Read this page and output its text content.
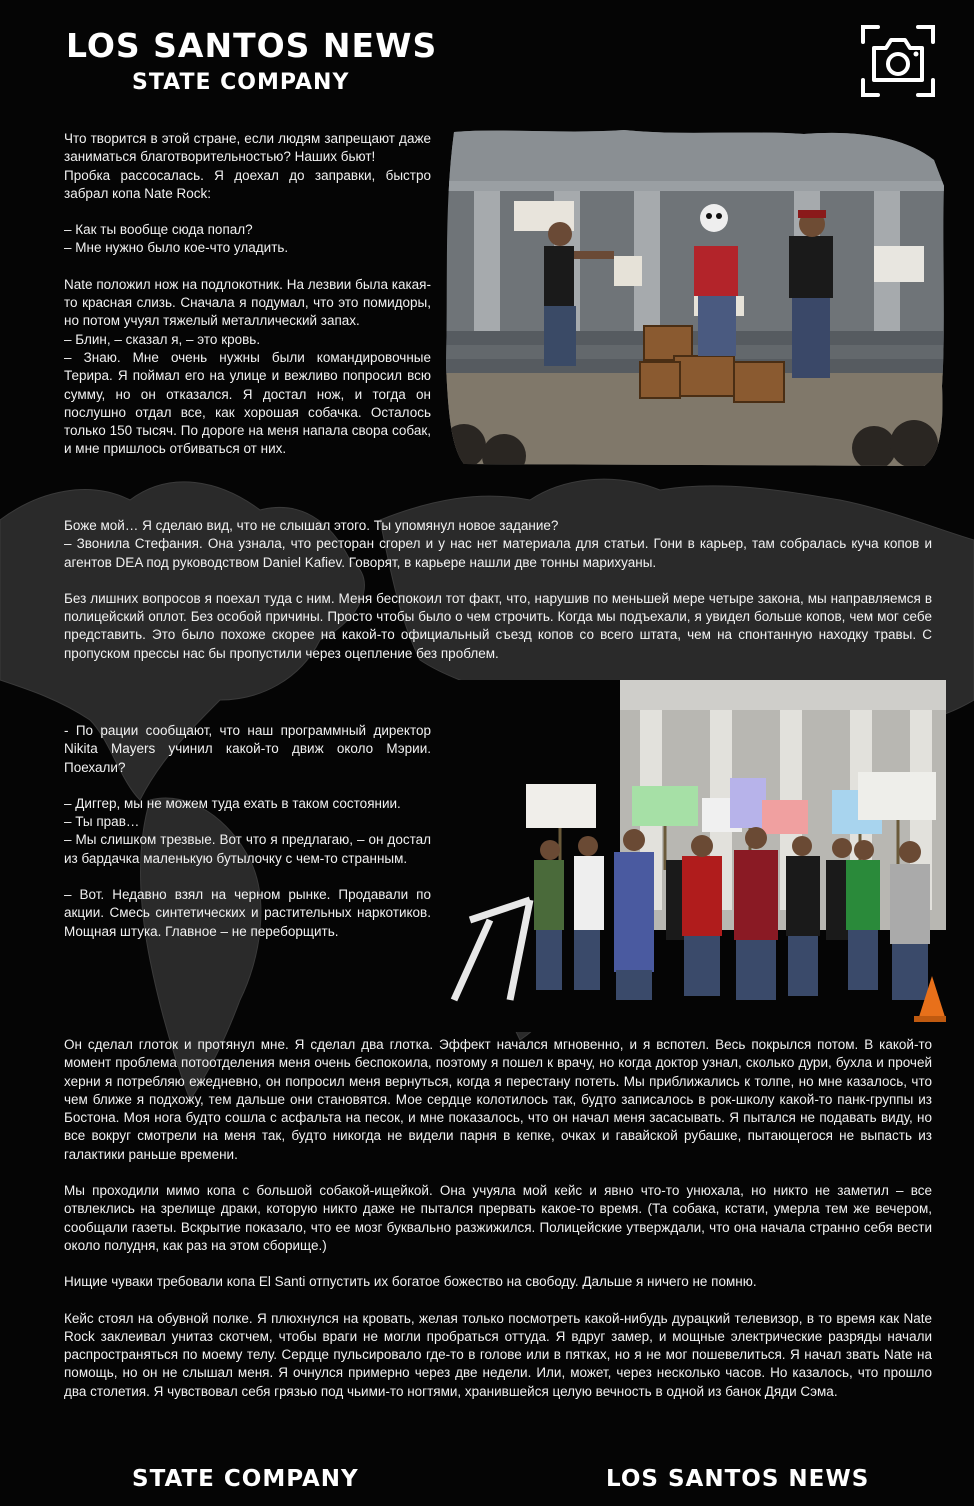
LOS SANTOS NEWS
STATE COMPANY

Что творится в этой стране, если людям запрещают даже заниматься благотворительностью? Наших бьют!

Пробка рассосалась. Я доехал до заправки, быстро забрал копа Nate Rock:

– Как ты вообще сюда попал?

– Мне нужно было кое-что уладить.

Nate положил нож на подлокотник. На лезвии была какая-то красная слизь. Сначала я подумал, что это помидоры, но потом учуял тяжелый металлический запах.

– Блин, – сказал я, – это кровь.

– Знаю. Мне очень нужны были командировочные Терира. Я поймал его на улице и вежливо попросил всю сумму, но он отказался. Я достал нож, и тогда он послушно отдал все, как хорошая собачка. Осталось только 150 тысяч. По дороге на меня напала свора собак, и мне пришлось отбиваться от них.

Боже мой… Я сделаю вид, что не слышал этого. Ты упомянул новое задание?

– Звонила Стефания. Она узнала, что ресторан сгорел и у нас нет материала для статьи. Гони в карьер, там собралась куча копов и агентов DEA под руководством Daniel Kafiev. Говорят, в карьере нашли две тонны марихуаны.

Без лишних вопросов я поехал туда с ним. Меня беспокоил тот факт, что, нарушив по меньшей мере четыре закона, мы направляемся в полицейский оплот. Без особой причины. Просто чтобы было о чем строчить. Когда мы подъехали, я увидел больше копов, чем мог себе представить. Это было похоже скорее на какой-то официальный съезд копов со всего штата, чем на спонтанную находку травы. С пропуском прессы нас бы пропустили через оцепление без проблем.

- По рации сообщают, что наш программный директор Nikita Mayers учинил какой-то движ около Мэрии. Поехали?

– Диггер, мы не можем туда ехать в таком состоянии.

– Ты прав…

– Мы слишком трезвые. Вот что я предлагаю, – он достал из бардачка маленькую бутылочку с чем-то странным.

– Вот. Недавно взял на черном рынке. Продавали по акции. Смесь синтетических и растительных наркотиков. Мощная штука. Главное – не переборщить.

Он сделал глоток и протянул мне. Я сделал два глотка. Эффект начался мгновенно, и я вспотел. Весь покрылся потом. В какой-то момент проблема потоотделения меня очень беспокоила, поэтому я пошел к врачу, но когда доктор узнал, сколько дури, бухла и прочей херни я потребляю ежедневно, он попросил меня вернуться, когда я перестану потеть. Мы приближались к толпе, но мне казалось, что чем ближе я подхожу, тем дальше они становятся. Мое сердце колотилось так, будто записалось в рок-школу какой-то панк-группы из Бостона. Моя нога будто сошла с асфальта на песок, и мне показалось, что он начал меня засасывать. Я пытался не подавать виду, но все вокруг смотрели на меня так, будто никогда не видели парня в кепке, очках и гавайской рубашке, пытающегося не выпасть из галактики раньше времени.

Мы проходили мимо копа с большой собакой-ищейкой. Она учуяла мой кейс и явно что-то унюхала, но никто не заметил – все отвлеклись на зрелище драки, которую никто даже не пытался прервать какое-то время. (Та собака, кстати, умерла тем же вечером, сообщали газеты. Вскрытие показало, что ее мозг буквально разжижился. Полицейские утверждали, что она начала странно себя вести около полудня, как раз на этом сборище.)

Нищие чуваки требовали копа El Santi отпустить их богатое божество на свободу. Дальше я ничего не помню.

Кейс стоял на обувной полке. Я плюхнулся на кровать, желая только посмотреть какой-нибудь дурацкий телевизор, в то время как Nate Rock заклеивал унитаз скотчем, чтобы враги не могли пробраться оттуда. Я вдруг замер, и мощные электрические разряды начали распространяться по моему телу. Сердце пульсировало где-то в голове или в пятках, но я не мог пошевелиться. Я начал звать Nate на помощь, но он не слышал меня. Я очнулся примерно через две недели. Или, может, через несколько часов. Но казалось, что прошло два столетия. Я чувствовал себя грязью под чьими-то ногтями, хранившейся целую вечность в одной из банок Дяди Сэма.

STATE COMPANY	LOS SANTOS NEWS
